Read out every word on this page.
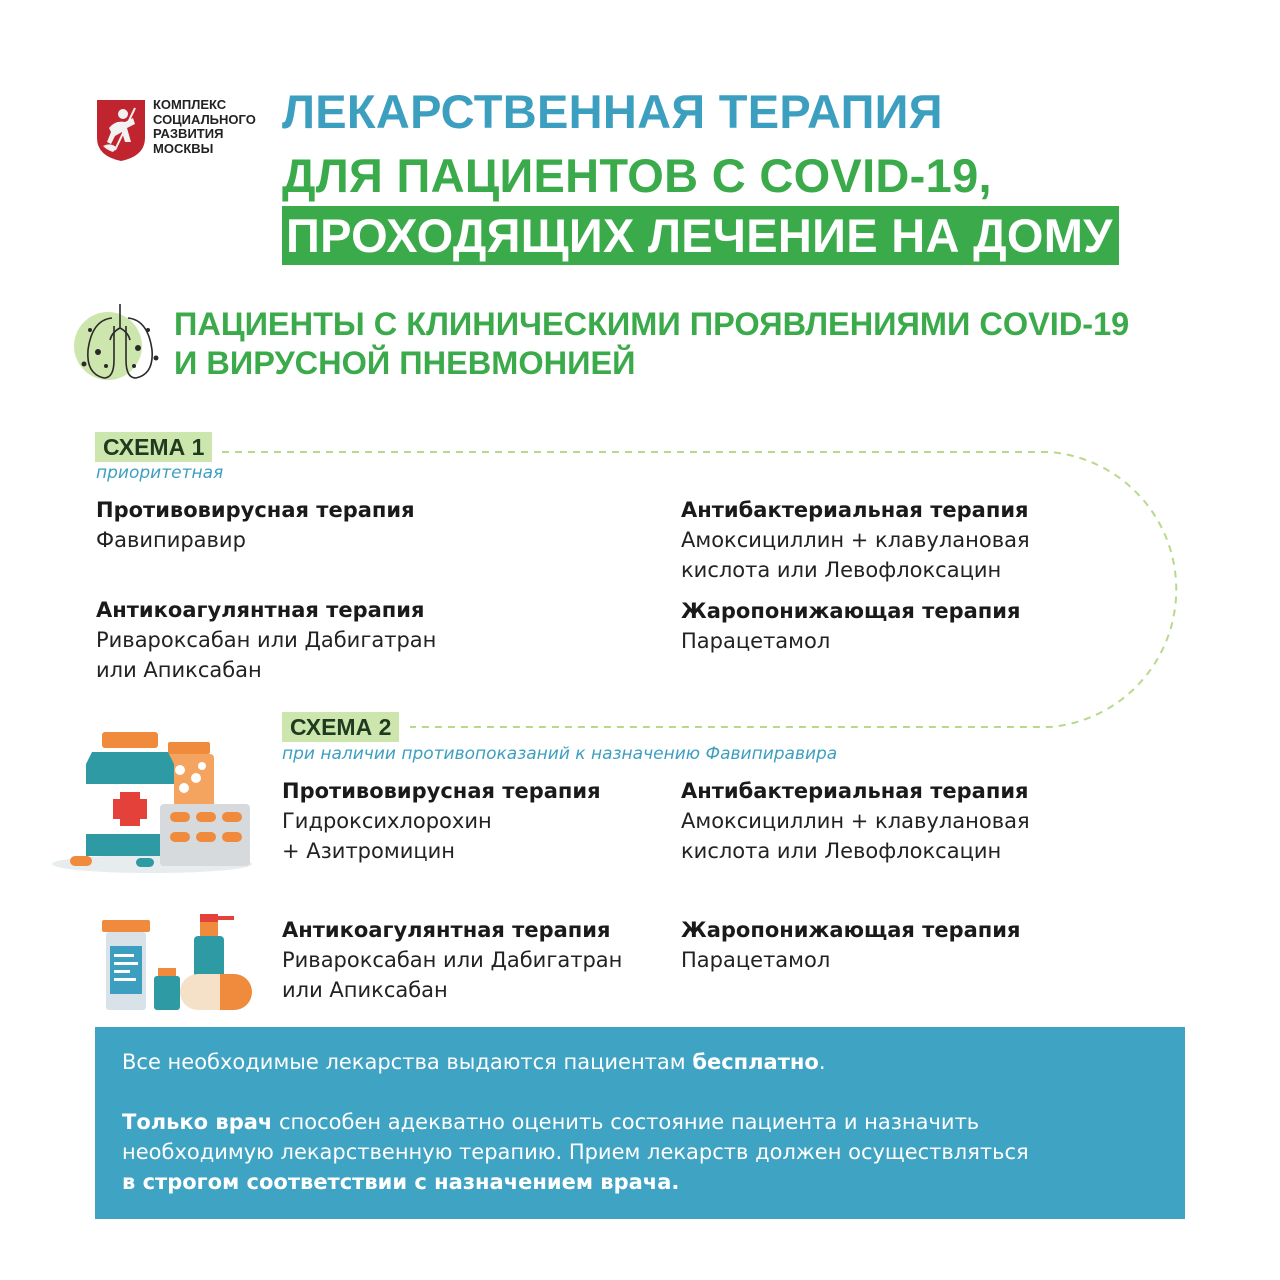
КОМПЛЕКС
СОЦИАЛЬНОГО
РАЗВИТИЯ
МОСКВЫ
ЛЕКАРСТВЕННАЯ ТЕРАПИЯ
ДЛЯ ПАЦИЕНТОВ С COVID-19,
ПРОХОДЯЩИХ ЛЕЧЕНИЕ НА ДОМУ
ПАЦИЕНТЫ С КЛИНИЧЕСКИМИ ПРОЯВЛЕНИЯМИ COVID-19
И ВИРУСНОЙ ПНЕВМОНИЕЙ
СХЕМА 1
приоритетная
Противовирусная терапия
Фавипиравир
Антибактериальная терапия
Амоксициллин + клавулановая
кислота или Левофлоксацин
Антикоагулянтная терапия
Ривароксабан или Дабигатран
или Апиксабан
Жаропонижающая терапия
Парацетамол
СХЕМА 2
при наличии противопоказаний к назначению Фавипиравира
Противовирусная терапия
Гидроксихлорохин
+ Азитромицин
Антибактериальная терапия
Амоксициллин + клавулановая
кислота или Левофлоксацин
Антикоагулянтная терапия
Ривароксабан или Дабигатран
или Апиксабан
Жаропонижающая терапия
Парацетамол
Все необходимые лекарства выдаются пациентам бесплатно.
Только врач способен адекватно оценить состояние пациента и назначить
необходимую лекарственную терапию. Прием лекарств должен осуществляться
в строгом соответствии с назначением врача.
